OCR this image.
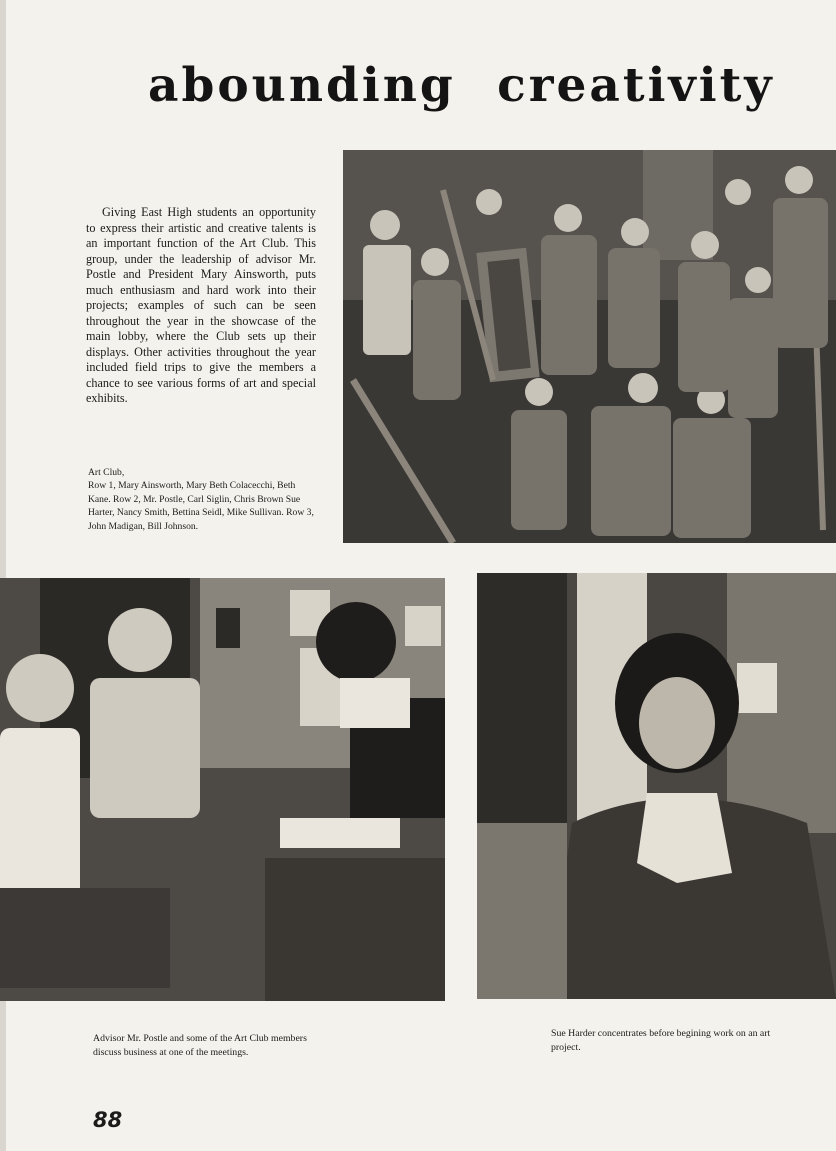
abounding creativity

Giving East High students an opportunity to express their artistic and creative talents is an important function of the Art Club. This group, under the leadership of advisor Mr. Postle and President Mary Ainsworth, puts much enthusiasm and hard work into their projects; examples of such can be seen throughout the year in the showcase of the main lobby, where the Club sets up their displays. Other activities throughout the year included field trips to give the members a chance to see various forms of art and special exhibits.

Art Club,
Row 1, Mary Ainsworth, Mary Beth Colacecchi, Beth Kane. Row 2, Mr. Postle, Carl Siglin, Chris Brown Sue Harter, Nancy Smith, Bettina Seidl, Mike Sullivan. Row 3, John Madigan, Bill Johnson.

Advisor Mr. Postle and some of the Art Club members discuss business at one of the meetings.

Sue Harder concentrates before begining work on an art project.

88
